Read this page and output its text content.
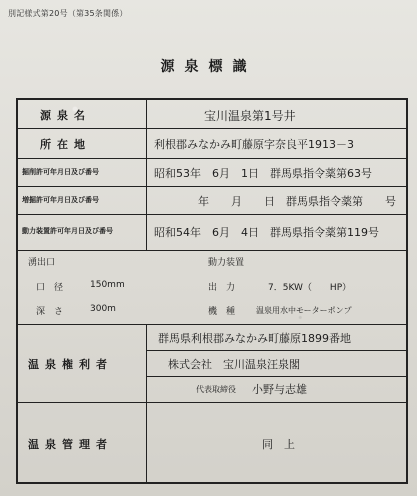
別記様式第20号（第35条関係）
源泉標識
源泉名	宝川温泉第1号井
所在地	利根郡みなかみ町藤原字奈良平1913－3
掘削許可年月日及び番号	昭和53年　6月　1日　群馬県指令薬第63号
増掘許可年月日及び番号	年　　月　　日　群馬県指令薬第　　号
動力装置許可年月日及び番号	昭和54年　6月　4日　群馬県指令薬第119号
湧出口
口　径	150mm
深　さ	300m
動力装置
出　力	7．5KW（　　HP）
機　種	温泉用水中モーターポンプ
温泉権利者
群馬県利根郡みなかみ町藤原1899番地
株式会社　宝川温泉汪泉閣
代表取締役 小野与志雄
温泉管理者	同　上
